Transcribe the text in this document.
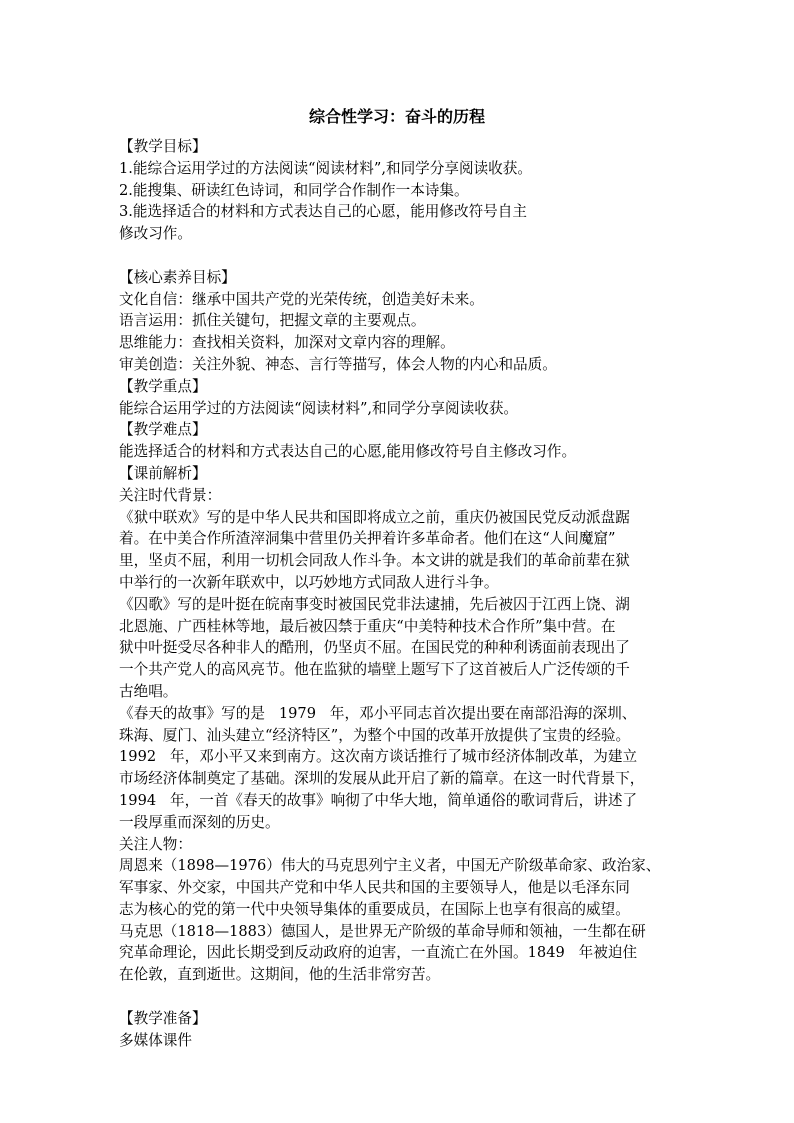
综合性学习：奋斗的历程

【教学目标】

1.能综合运用学过的方法阅读“阅读材料”,和同学分享阅读收获。

2.能搜集、研读红色诗词，和同学合作制作一本诗集。

3.能选择适合的材料和方式表达自己的心愿，能用修改符号自主

修改习作。

【核心素养目标】

文化自信：继承中国共产党的光荣传统，创造美好未来。

语言运用：抓住关键句，把握文章的主要观点。

思维能力：查找相关资料，加深对文章内容的理解。

审美创造：关注外貌、神态、言行等描写，体会人物的内心和品质。

【教学重点】

能综合运用学过的方法阅读“阅读材料”,和同学分享阅读收获。

【教学难点】

能选择适合的材料和方式表达自己的心愿,能用修改符号自主修改习作。

【课前解析】

关注时代背景：

《狱中联欢》写的是中华人民共和国即将成立之前，重庆仍被国民党反动派盘踞

着。在中美合作所渣滓洞集中营里仍关押着许多革命者。他们在这“人间魔窟”

里，坚贞不屈，利用一切机会同敌人作斗争。本文讲的就是我们的革命前辈在狱

中举行的一次新年联欢中，以巧妙地方式同敌人进行斗争。

《囚歌》写的是叶挺在皖南事变时被国民党非法逮捕，先后被囚于江西上饶、湖

北恩施、广西桂林等地，最后被囚禁于重庆“中美特种技术合作所”集中营。在

狱中叶挺受尽各种非人的酷刑，仍坚贞不屈。在国民党的种种利诱面前表现出了

一个共产党人的高风亮节。他在监狱的墙壁上题写下了这首被后人广泛传颂的千

古绝唱。

《春天的故事》写的是   1979   年，邓小平同志首次提出要在南部沿海的深圳、

珠海、厦门、汕头建立“经济特区”，为整个中国的改革开放提供了宝贵的经验。

1992   年，邓小平又来到南方。这次南方谈话推行了城市经济体制改革，为建立

市场经济体制奠定了基础。深圳的发展从此开启了新的篇章。在这一时代背景下，

1994   年，一首《春天的故事》响彻了中华大地，简单通俗的歌词背后，讲述了

一段厚重而深刻的历史。

关注人物：

周恩来（1898—1976）伟大的马克思列宁主义者，中国无产阶级革命家、政治家、

军事家、外交家，中国共产党和中华人民共和国的主要领导人，他是以毛泽东同

志为核心的党的第一代中央领导集体的重要成员，在国际上也享有很高的威望。

马克思（1818—1883）德国人，是世界无产阶级的革命导师和领袖，一生都在研

究革命理论，因此长期受到反动政府的迫害，一直流亡在外国。1849   年被迫住

在伦敦，直到逝世。这期间，他的生活非常穷苦。

【教学准备】

多媒体课件
